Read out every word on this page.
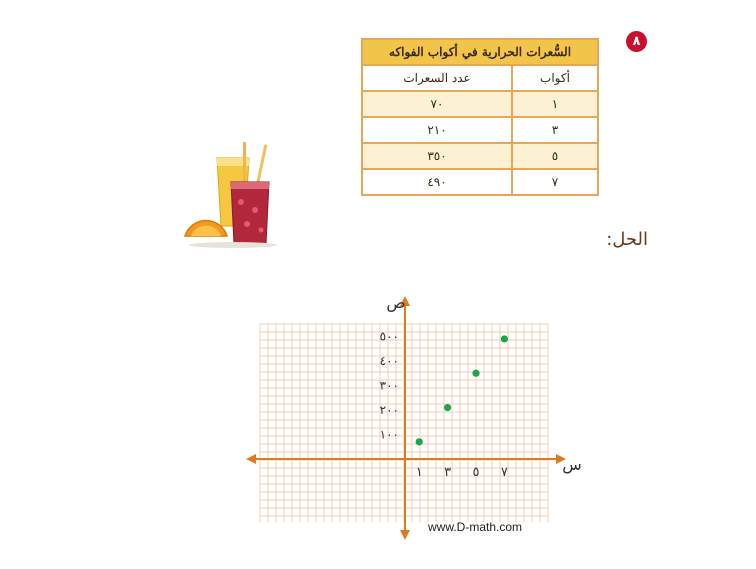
٨
السُّعرات الحرارية في أكواب الفواكه	
أكواب	عدد السعرات
١	٧٠
٣	٢١٠
٥	٣٥٠
٧	٤٩٠
الحل:
س
ص
١ ٣ ٥ ٧
١٠٠
٢٠٠
٣٠٠
٤٠٠
٥٠٠
www.D-math.com
